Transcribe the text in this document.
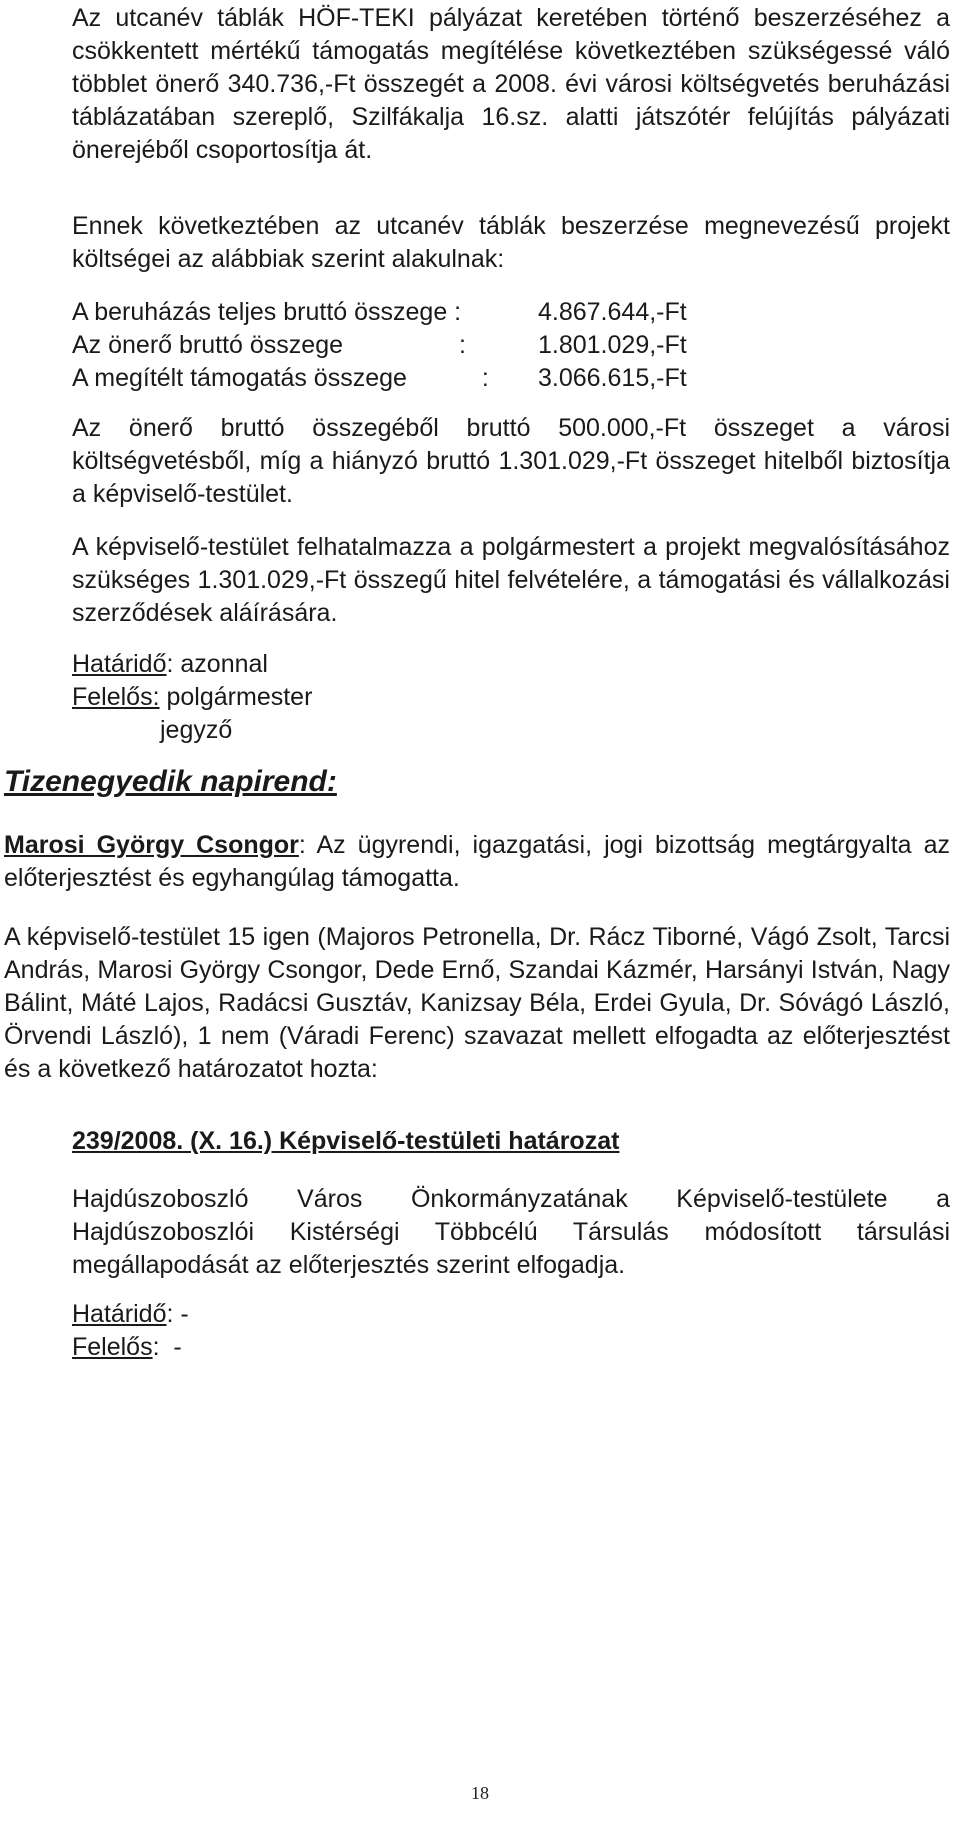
Az utcanév táblák HÖF-TEKI pályázat keretében történő beszerzéséhez a csökkentett mértékű támogatás megítélése következtében szükségessé váló többlet önerő 340.736,-Ft összegét a 2008. évi városi költségvetés beruházási táblázatában szereplő, Szilfákalja 16.sz. alatti játszótér felújítás pályázati önerejéből csoportosítja át.

Ennek következtében az utcanév táblák beszerzése megnevezésű projekt költségei az alábbiak szerint alakulnak:

A beruházás teljes bruttó összege :	4.867.644,-Ft
Az önerő bruttó összege	:	1.801.029,-Ft
A megítélt támogatás összege	:	3.066.615,-Ft

Az önerő bruttó összegéből bruttó 500.000,-Ft összeget a városi költségvetésből, míg a hiányzó bruttó 1.301.029,-Ft összeget hitelből biztosítja a képviselő-testület.

A képviselő-testület felhatalmazza a polgármestert a projekt megvalósításához szükséges 1.301.029,-Ft összegű hitel felvételére, a támogatási és vállalkozási szerződések aláírására.

Határidő: azonnal
Felelős: polgármester
jegyző
Tizenegyedik napirend:

Marosi György Csongor: Az ügyrendi, igazgatási, jogi bizottság megtárgyalta az előterjesztést és egyhangúlag támogatta.

A képviselő-testület 15 igen (Majoros Petronella, Dr. Rácz Tiborné, Vágó Zsolt, Tarcsi András, Marosi György Csongor, Dede Ernő, Szandai Kázmér, Harsányi István, Nagy Bálint, Máté Lajos, Radácsi Gusztáv, Kanizsay Béla, Erdei Gyula, Dr. Sóvágó László, Örvendi László), 1 nem (Váradi Ferenc) szavazat mellett elfogadta az előterjesztést és a következő határozatot hozta:

239/2008. (X. 16.) Képviselő-testületi határozat

Hajdúszoboszló Város Önkormányzatának Képviselő-testülete a Hajdúszoboszlói Kistérségi Többcélú Társulás módosított társulási megállapodását az előterjesztés szerint elfogadja.

Határidő: -
Felelős:  -
18
